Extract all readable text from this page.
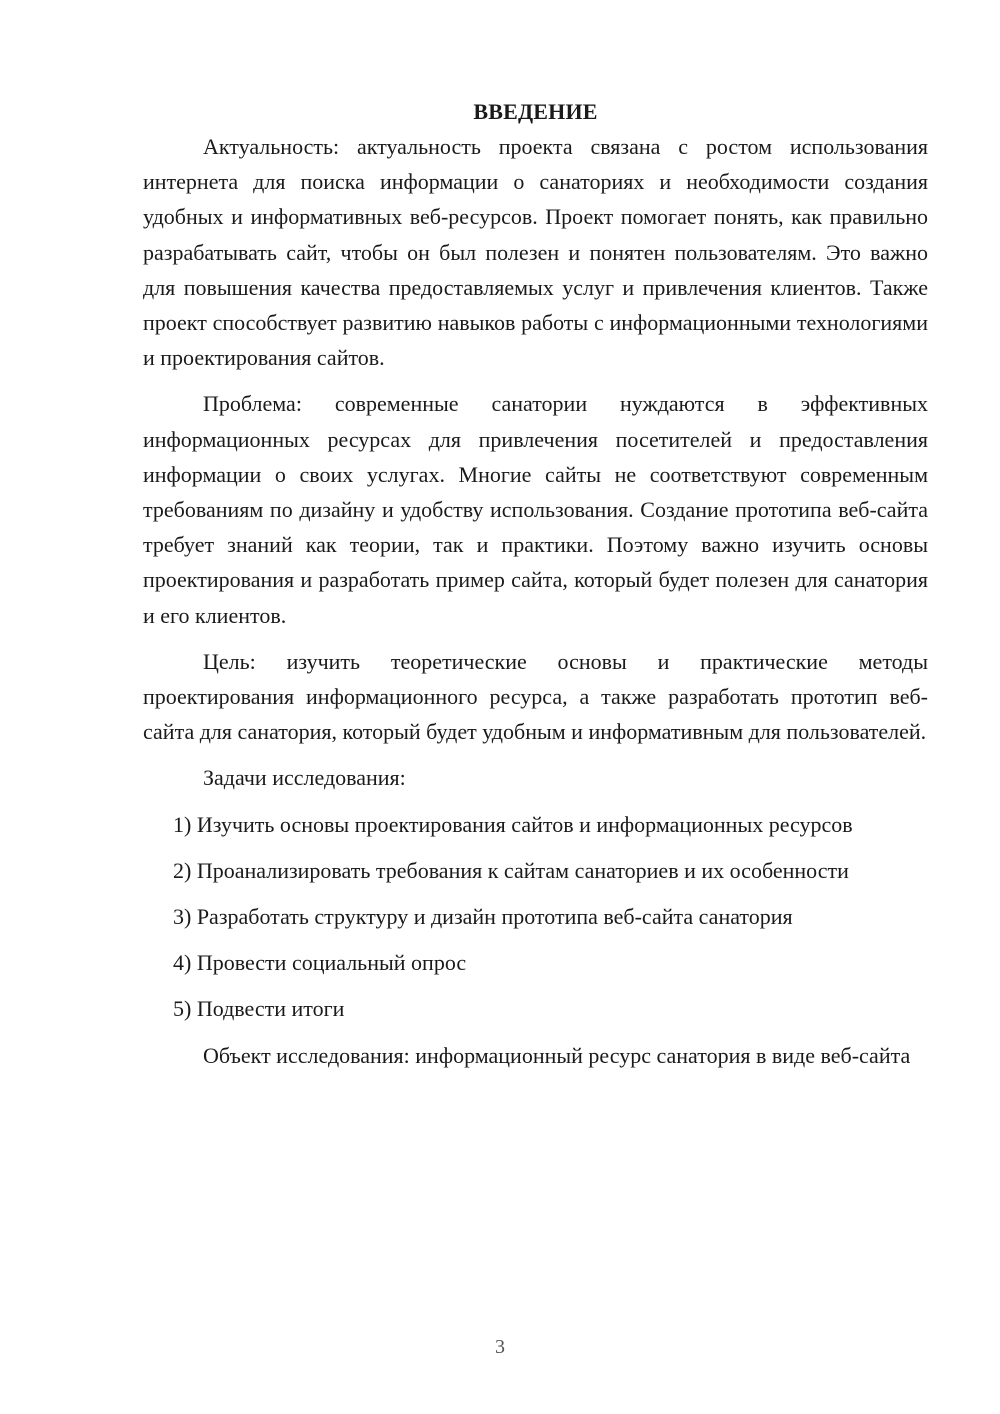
ВВЕДЕНИЕ

Актуальность: актуальность проекта связана с ростом использования интернета для поиска информации о санаториях и необходимости создания удобных и информативных веб-ресурсов. Проект помогает понять, как правильно разрабатывать сайт, чтобы он был полезен и понятен пользователям. Это важно для повышения качества предоставляемых услуг и привлечения клиентов. Также проект способствует развитию навыков работы с информационными технологиями и проектирования сайтов.

Проблема: современные санатории нуждаются в эффективных информационных ресурсах для привлечения посетителей и предоставления информации о своих услугах. Многие сайты не соответствуют современным требованиям по дизайну и удобству использования. Создание прототипа веб-сайта требует знаний как теории, так и практики. Поэтому важно изучить основы проектирования и разработать пример сайта, который будет полезен для санатория и его клиентов.

Цель: изучить теоретические основы и практические методы проектирования информационного ресурса, а также разработать прототип веб-сайта для санатория, который будет удобным и информативным для пользователей.

Задачи исследования:

1) Изучить основы проектирования сайтов и информационных ресурсов

2) Проанализировать требования к сайтам санаториев и их особенности

3) Разработать структуру и дизайн прототипа веб-сайта санатория

4) Провести социальный опрос

5) Подвести итоги

Объект исследования: информационный ресурс санатория в виде веб-сайта

3
